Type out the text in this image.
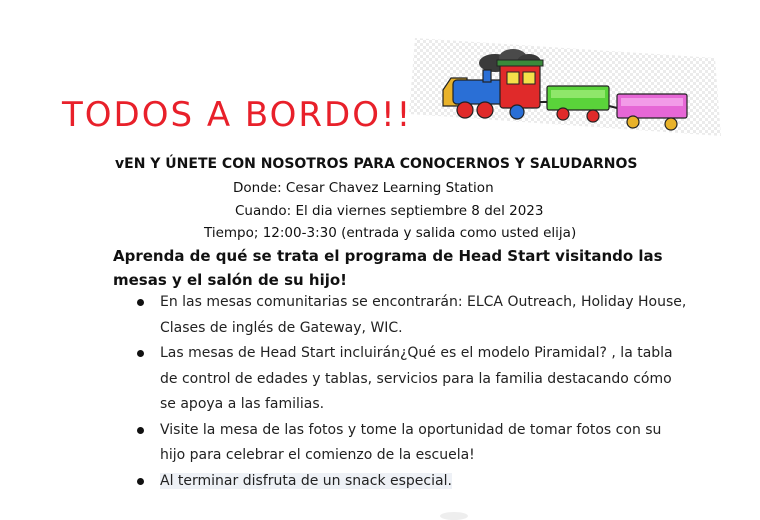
TODOS A BORDO!!
vEN Y ÚNETE CON NOSOTROS PARA CONOCERNOS Y SALUDARNOS
Donde: Cesar Chavez Learning Station
Cuando: El dia viernes septiembre 8 del 2023
Tiempo; 12:00-3:30 (entrada y salida como usted elija)
Aprenda de qué se trata el programa de Head Start visitando las mesas y el salón de su hijo!
En las mesas comunitarias se encontrarán: ELCA Outreach, Holiday House, Clases de inglés de Gateway, WIC.
Las mesas de Head Start incluirán¿Qué es el modelo Piramidal? , la tabla de control de edades y tablas, servicios para la familia destacando cómo se apoya a las familias.
Visite la mesa de las fotos y tome la oportunidad de tomar fotos con su hijo para celebrar el comienzo de la escuela!
Al terminar disfruta de un snack especial.
